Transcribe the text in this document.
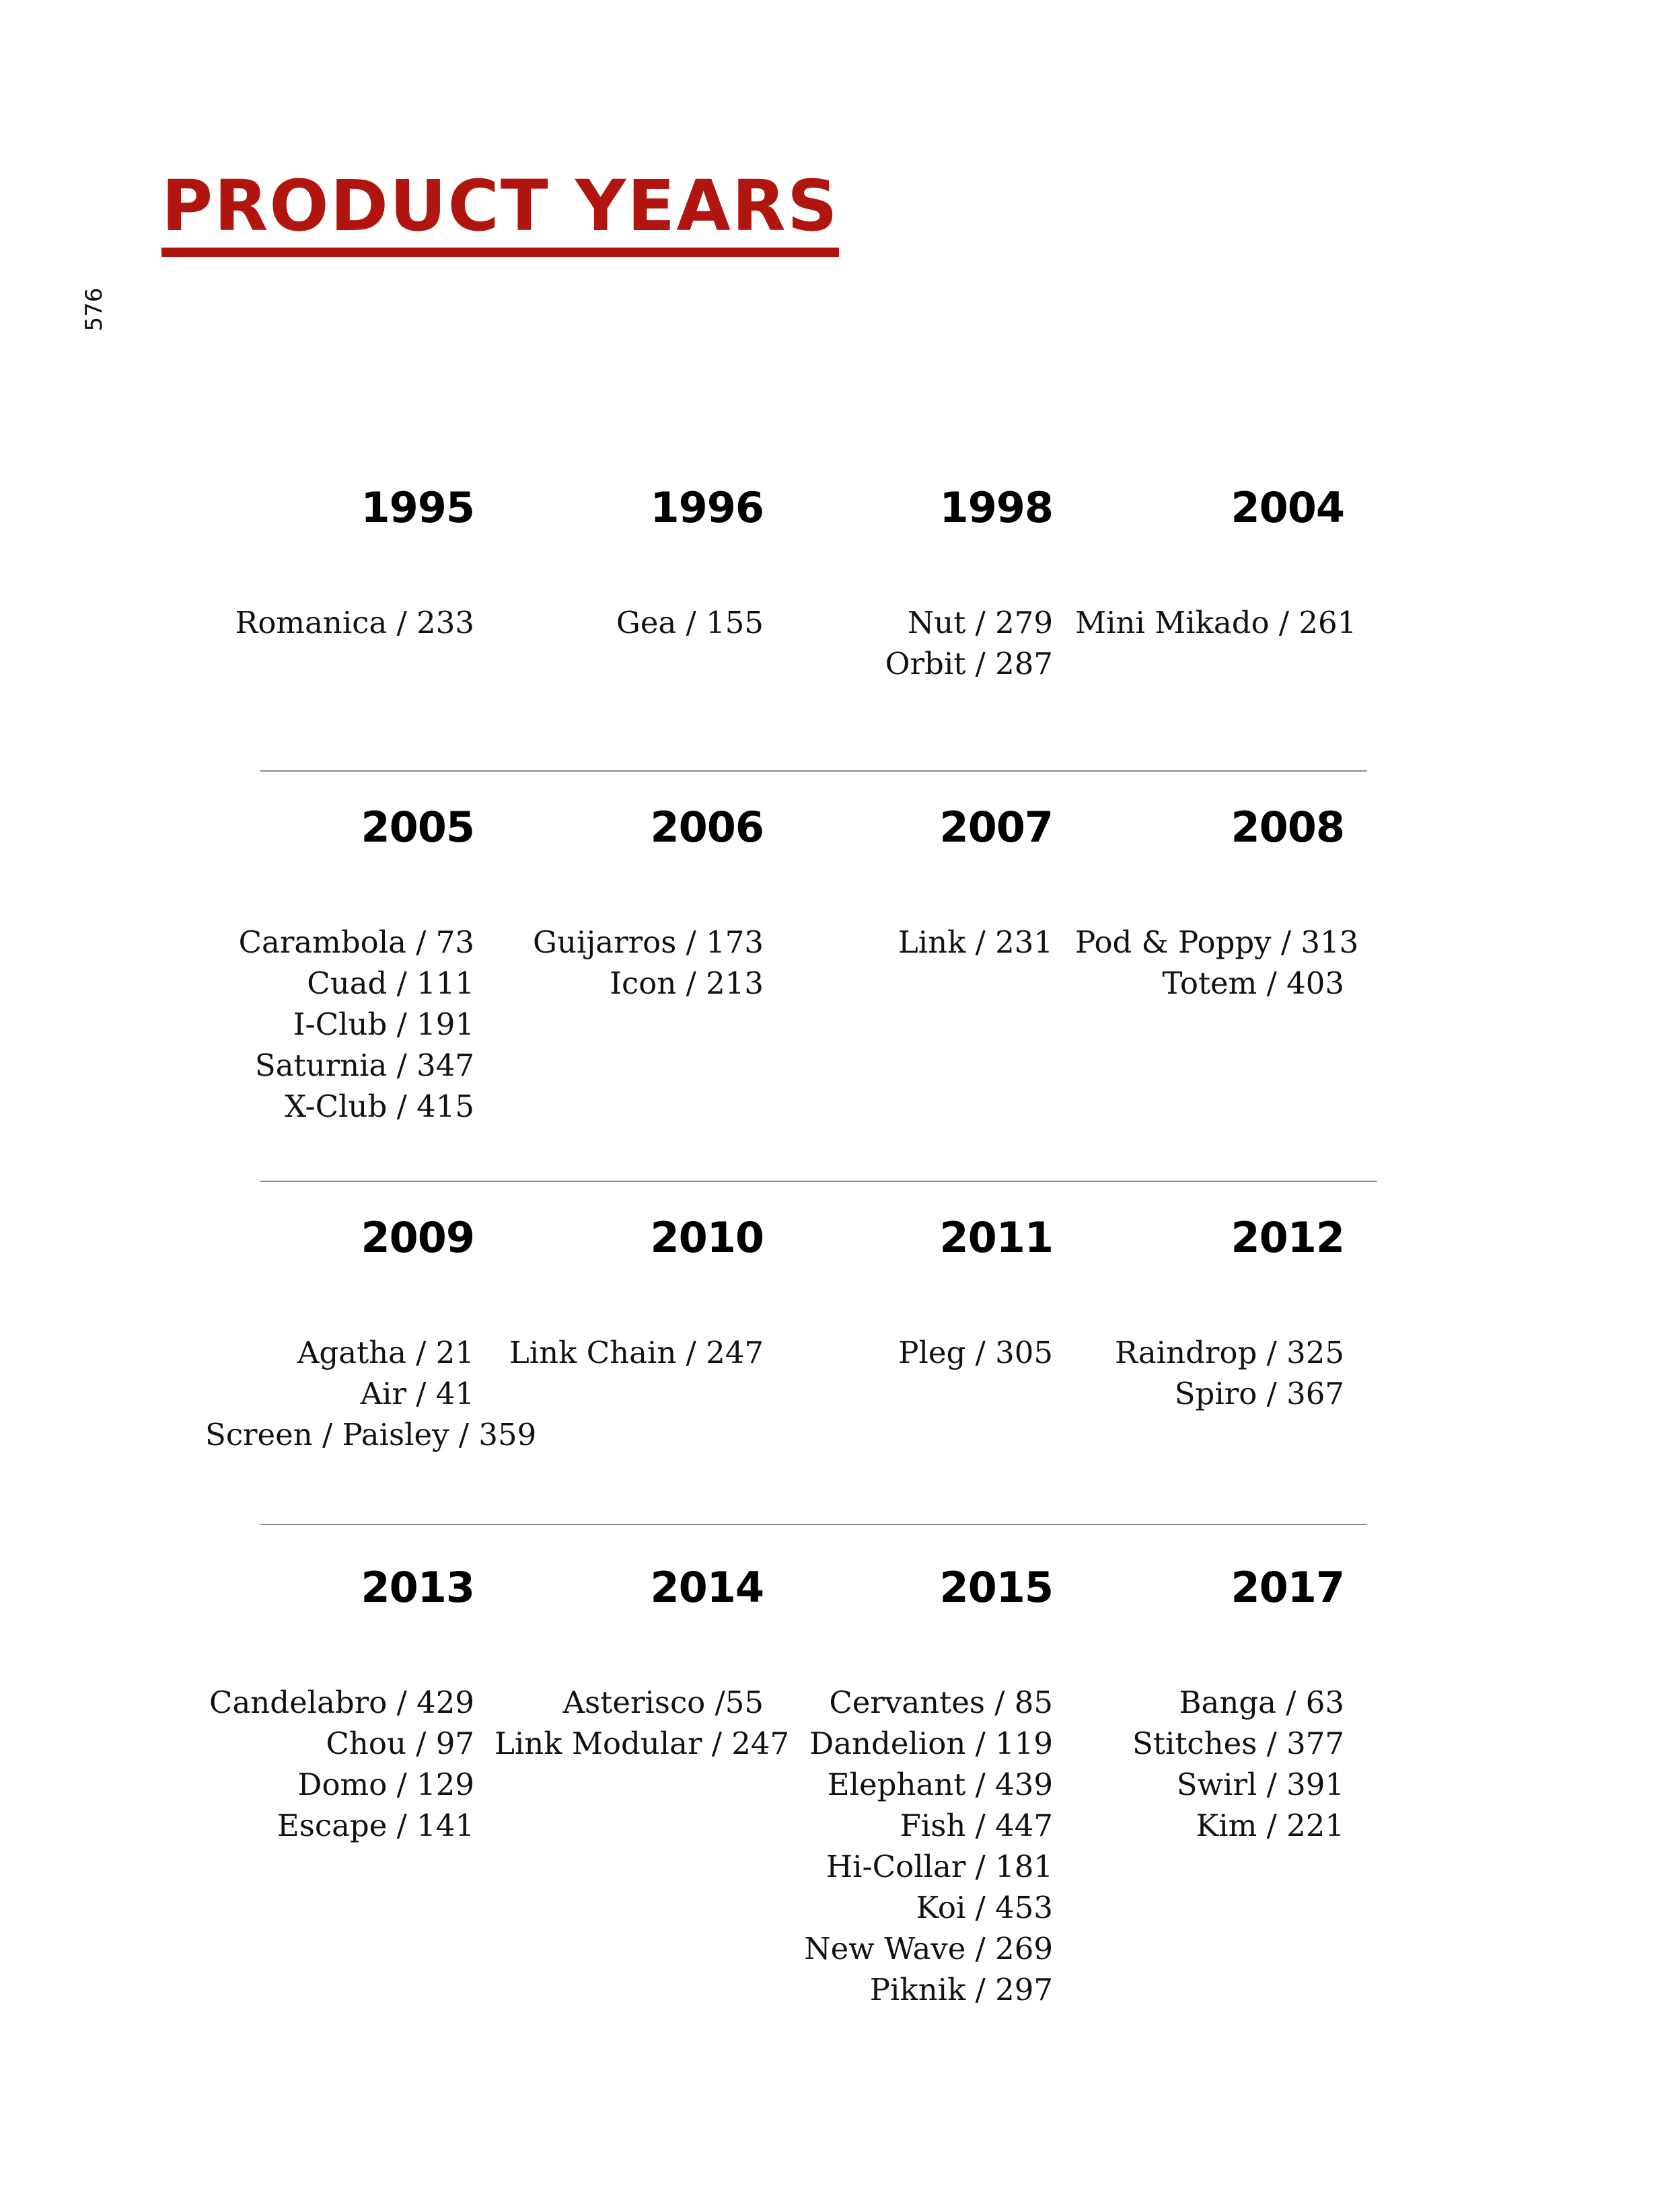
576
PRODUCT YEARS
1995
Romanica / 233
1996
Gea / 155
1998
Nut / 279
Orbit / 287
2004
Mini Mikado / 261
2005
Carambola / 73
Cuad / 111
I-Club / 191
Saturnia / 347
X-Club / 415
2006
Guijarros / 173
Icon / 213
2007
Link / 231
2008
Pod & Poppy / 313
Totem / 403
2009
Agatha / 21
Air / 41
Screen / Paisley / 359
2010
Link Chain / 247
2011
Pleg / 305
2012
Raindrop / 325
Spiro / 367
2013
Candelabro / 429
Chou / 97
Domo / 129
Escape / 141
2014
Asterisco /55
Link Modular / 247
2015
Cervantes / 85
Dandelion / 119
Elephant / 439
Fish / 447
Hi-Collar / 181
Koi / 453
New Wave / 269
Piknik / 297
2017
Banga / 63
Stitches / 377
Swirl / 391
Kim / 221
